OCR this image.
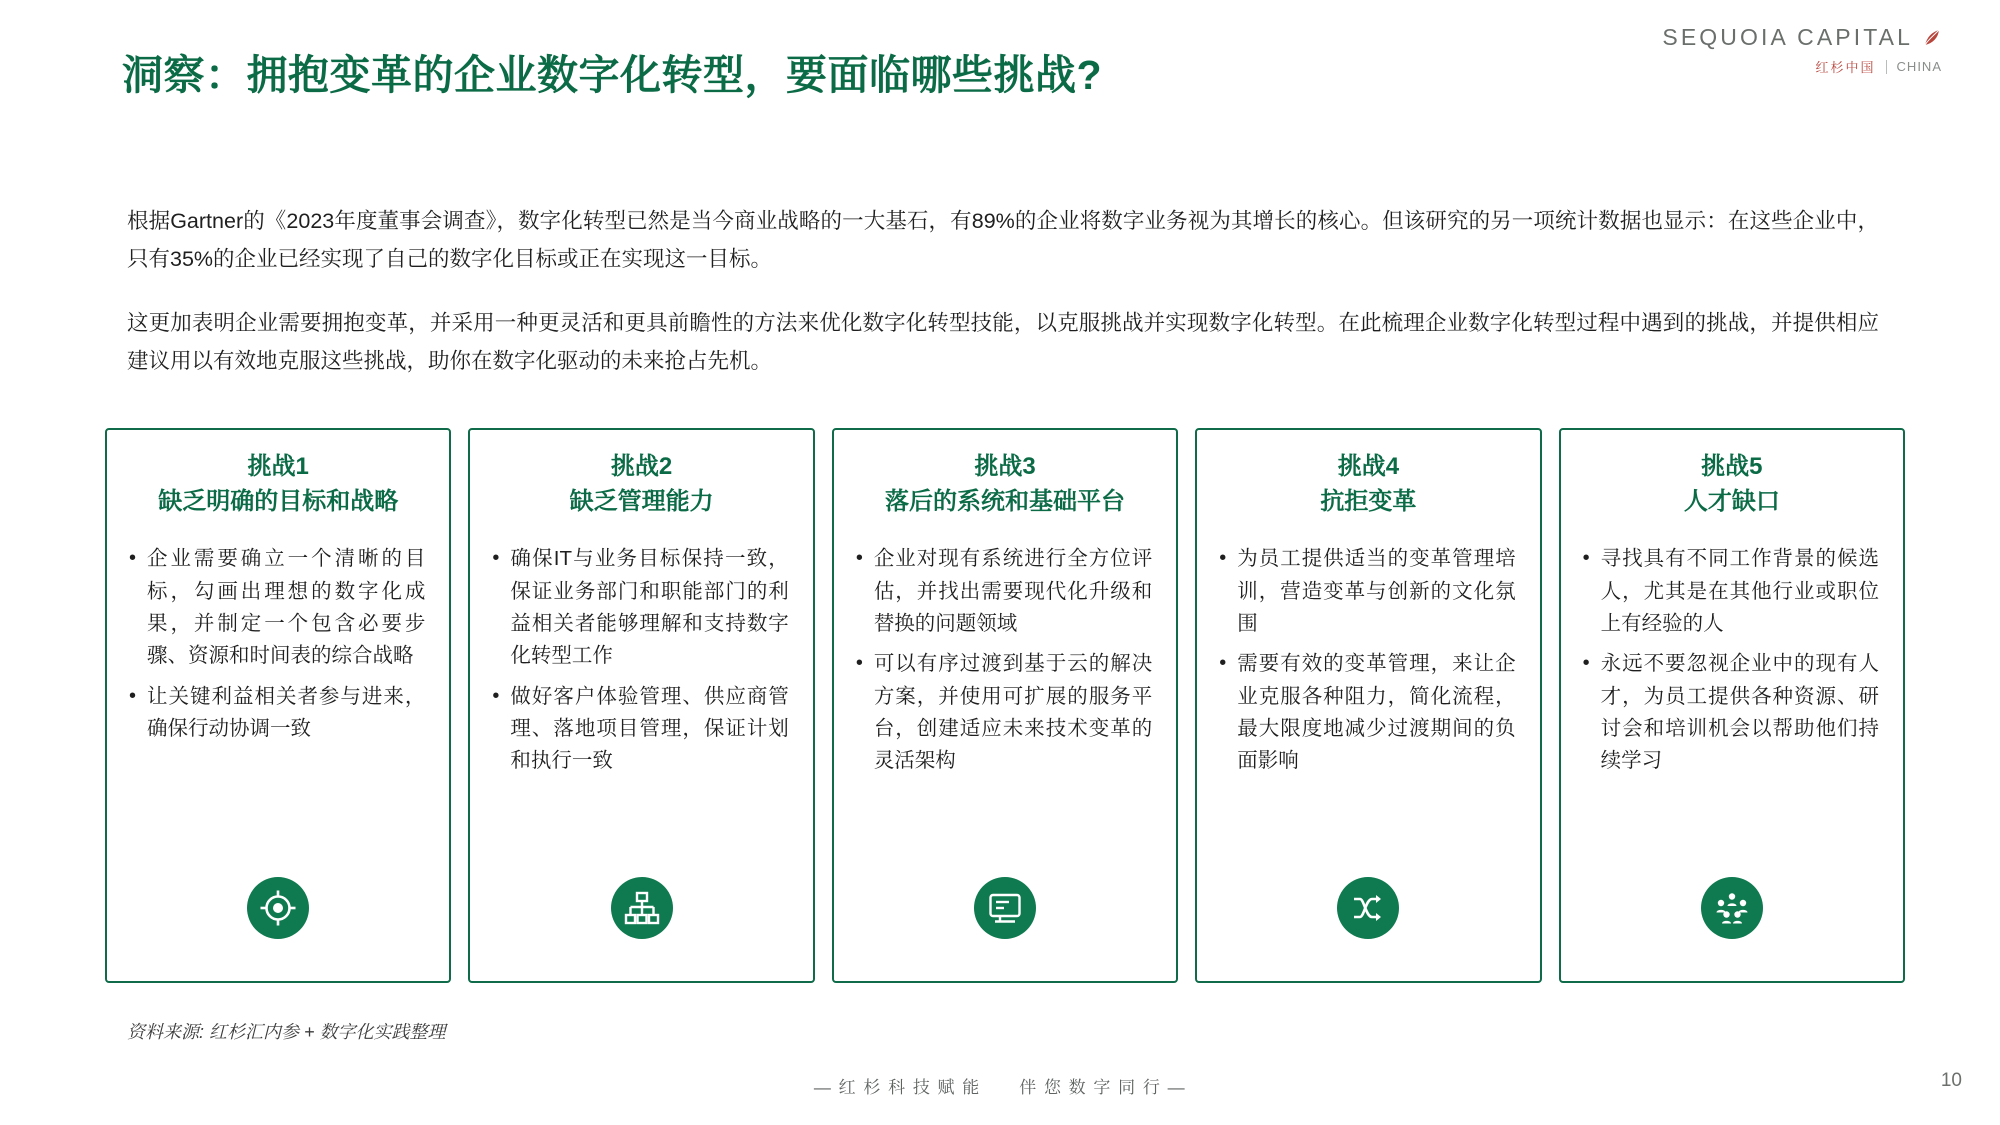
SEQUOIA CAPITAL
红杉中国 CHINA
洞察：拥抱变革的企业数字化转型，要面临哪些挑战?
根据Gartner的《2023年度董事会调查》，数字化转型已然是当今商业战略的一大基石，有89%的企业将数字业务视为其增长的核心。但该研究的另一项统计数据也显示：在这些企业中，只有35%的企业已经实现了自己的数字化目标或正在实现这一目标。
这更加表明企业需要拥抱变革，并采用一种更灵活和更具前瞻性的方法来优化数字化转型技能，以克服挑战并实现数字化转型。在此梳理企业数字化转型过程中遇到的挑战，并提供相应建议用以有效地克服这些挑战，助你在数字化驱动的未来抢占先机。
挑战1
缺乏明确的目标和战略
• 企业需要确立一个清晰的目标，勾画出理想的数字化成果，并制定一个包含必要步骤、资源和时间表的综合战略
• 让关键利益相关者参与进来，确保行动协调一致
挑战2
缺乏管理能力
• 确保IT与业务目标保持一致，保证业务部门和职能部门的利益相关者能够理解和支持数字化转型工作
• 做好客户体验管理、供应商管理、落地项目管理，保证计划和执行一致
挑战3
落后的系统和基础平台
• 企业对现有系统进行全方位评估，并找出需要现代化升级和替换的问题领域
• 可以有序过渡到基于云的解决方案，并使用可扩展的服务平台，创建适应未来技术变革的灵活架构
挑战4
抗拒变革
• 为员工提供适当的变革管理培训，营造变革与创新的文化氛围
• 需要有效的变革管理，来让企业克服各种阻力，简化流程，最大限度地减少过渡期间的负面影响
挑战5
人才缺口
• 寻找具有不同工作背景的候选人，尤其是在其他行业或职位上有经验的人
• 永远不要忽视企业中的现有人才，为员工提供各种资源、研讨会和培训机会以帮助他们持续学习
资料来源: 红杉汇内参 + 数字化实践整理
— 红 杉 科 技 赋 能 伴 您 数 字 同 行 —	10
